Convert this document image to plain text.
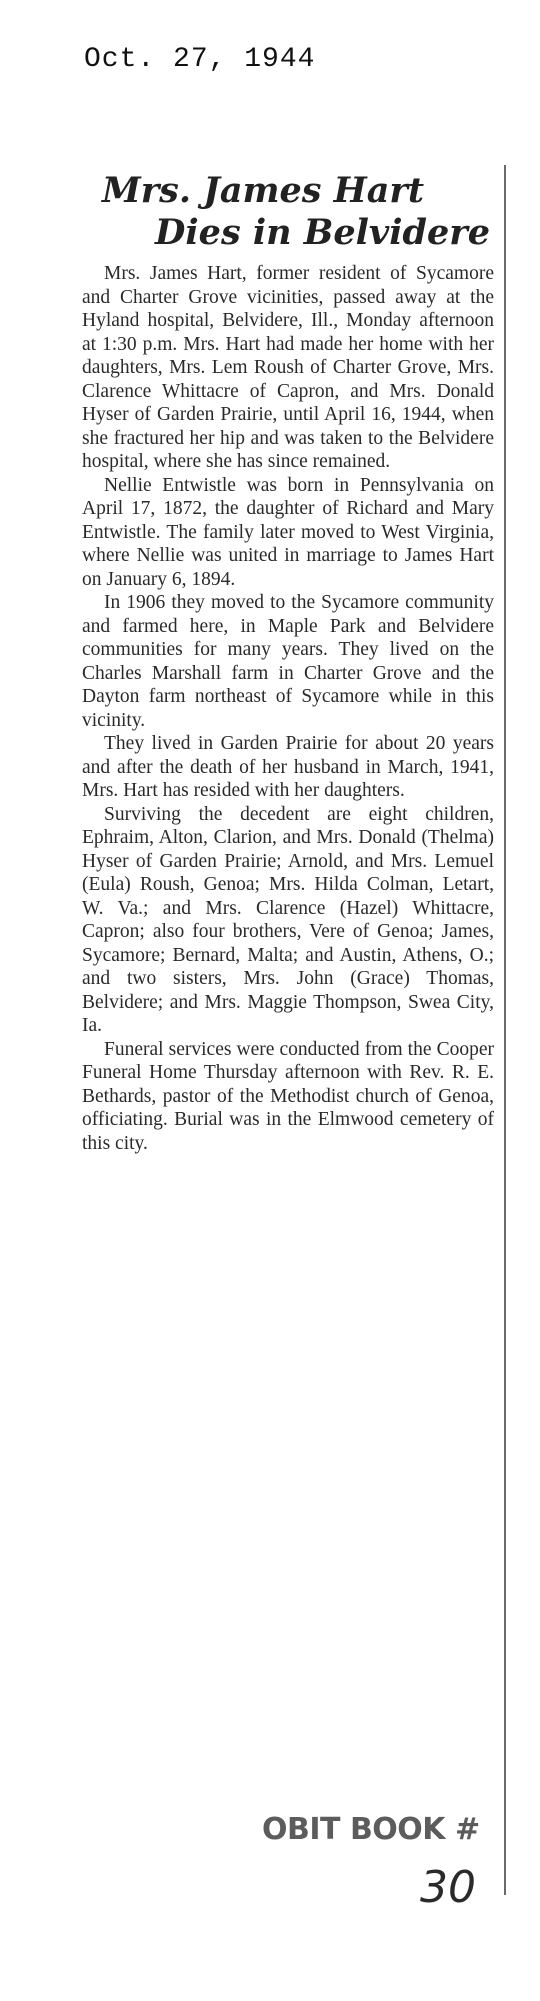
Oct. 27, 1944
Mrs. James Hart
Dies in Belvidere

Mrs. James Hart, former resident of Sycamore and Charter Grove vicinities, passed away at the Hyland hospital, Belvidere, Ill., Monday afternoon at 1:30 p.m. Mrs. Hart had made her home with her daughters, Mrs. Lem Roush of Charter Grove, Mrs. Clarence Whittacre of Capron, and Mrs. Donald Hyser of Garden Prairie, until April 16, 1944, when she fractured her hip and was taken to the Belvidere hospital, where she has since remained.

Nellie Entwistle was born in Pennsylvania on April 17, 1872, the daughter of Richard and Mary Entwistle. The family later moved to West Virginia, where Nellie was united in marriage to James Hart on January 6, 1894.

In 1906 they moved to the Sycamore community and farmed here, in Maple Park and Belvidere communities for many years. They lived on the Charles Marshall farm in Charter Grove and the Dayton farm northeast of Sycamore while in this vicinity.

They lived in Garden Prairie for about 20 years and after the death of her husband in March, 1941, Mrs. Hart has resided with her daughters.

Surviving the decedent are eight children, Ephraim, Alton, Clarion, and Mrs. Donald (Thelma) Hyser of Garden Prairie; Arnold, and Mrs. Lemuel (Eula) Roush, Genoa; Mrs. Hilda Colman, Letart, W. Va.; and Mrs. Clarence (Hazel) Whittacre, Capron; also four brothers, Vere of Genoa; James, Sycamore; Bernard, Malta; and Austin, Athens, O.; and two sisters, Mrs. John (Grace) Thomas, Belvidere; and Mrs. Maggie Thompson, Swea City, Ia.

Funeral services were conducted from the Cooper Funeral Home Thursday afternoon with Rev. R. E. Bethards, pastor of the Methodist church of Genoa, officiating. Burial was in the Elmwood cemetery of this city.

OBIT BOOK #
30
